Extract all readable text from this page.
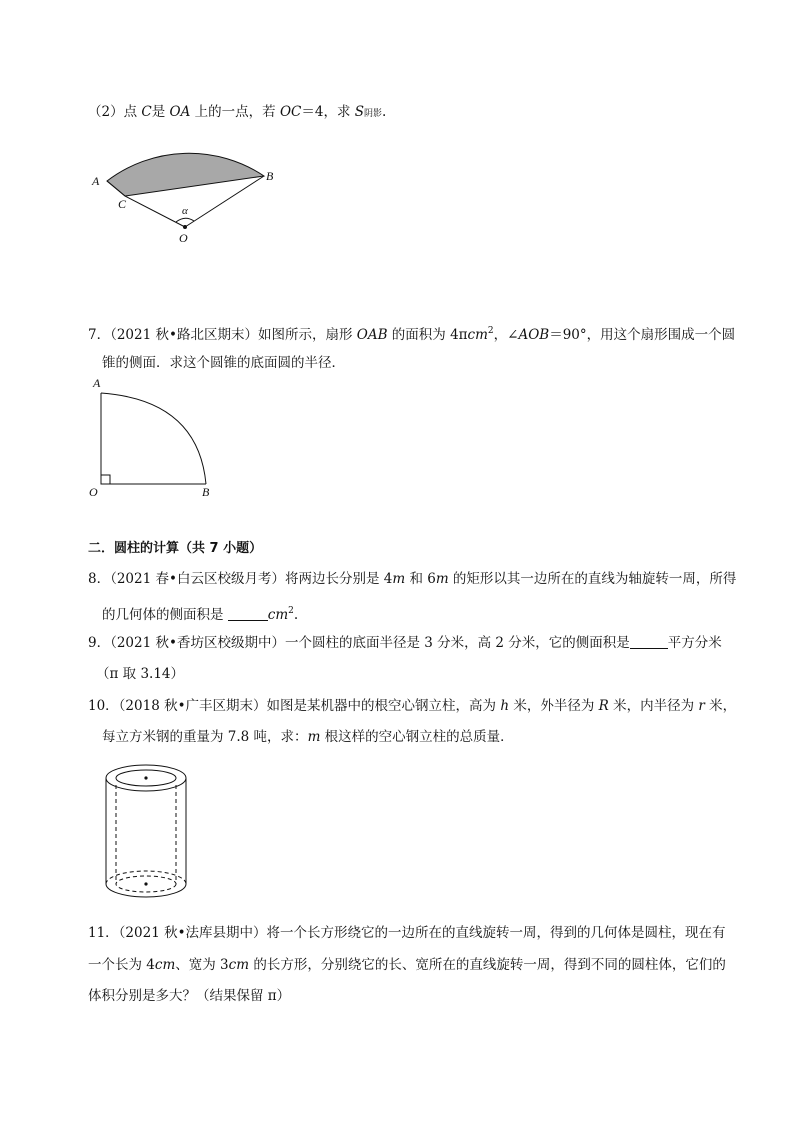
（2）点 C是 OA 上的一点，若 OC＝4，求 S阴影.
A	B
C
O
α
7．（2021 秋•路北区期末）如图所示，扇形 OAB 的面积为 4πcm$^2$，∠AOB＝90°，用这个扇形围成一个圆
锥的侧面．求这个圆锥的底面圆的半径．
A
O	B
二．圆柱的计算（共 7 小题）
8．（2021 春•白云区校级月考）将两边长分别是 4m 和 6m 的矩形以其一边所在的直线为轴旋转一周，所得
的几何体的侧面积是	$cm^2$.
9．（2021 秋•香坊区校级期中）一个圆柱的底面半径是 3 分米，高 2 分米，它的侧面积是	平方分米
（π 取 3.14）
10．（2018 秋•广丰区期末）如图是某机器中的根空心钢立柱，高为 h 米，外半径为 R 米，内半径为 r 米，
每立方米钢的重量为 7.8 吨，求：m 根这样的空心钢立柱的总质量．
11．（2021 秋•法库县期中）将一个长方形绕它的一边所在的直线旋转一周，得到的几何体是圆柱，现在有
一个长为 4cm、宽为 3cm 的长方形，分别绕它的长、宽所在的直线旋转一周，得到不同的圆柱体，它们的
体积分别是多大？（结果保留 π）
